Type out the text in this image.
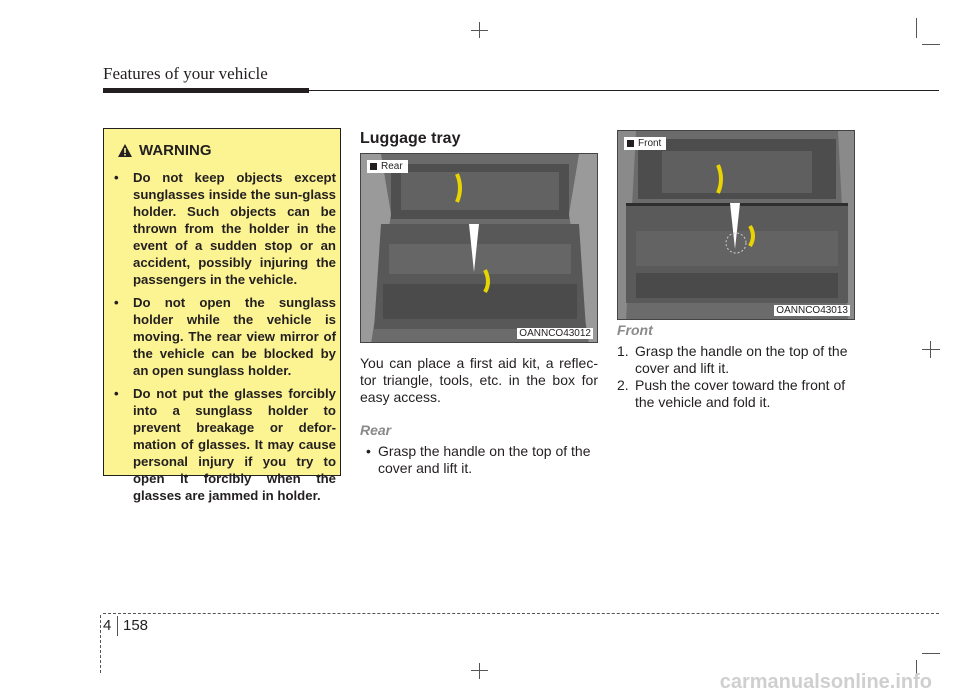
Features of your vehicle
WARNING
• Do not keep objects except sunglasses inside the sun-glass holder. Such objects can be thrown from the holder in the event of a sudden stop or an accident, possibly injuring the passengers in the vehicle.
• Do not open the sunglass holder while the vehicle is moving. The rear view mirror of the vehicle can be blocked by an open sunglass holder.
• Do not put the glasses forcibly into a sunglass holder to prevent breakage or defor-mation of glasses. It may cause personal injury if you try to open it forcibly when the glasses are jammed in holder.
Luggage tray
Rear
OANNCO43012
You can place a first aid kit, a reflec-tor triangle, tools, etc. in the box for easy access.
Rear
• Grasp the handle on the top of the cover and lift it.
Front
OANNCO43013
Front
1. Grasp the handle on the top of the cover and lift it.
2. Push the cover toward the front of the vehicle and fold it.
4 158
carmanualsonline.info
